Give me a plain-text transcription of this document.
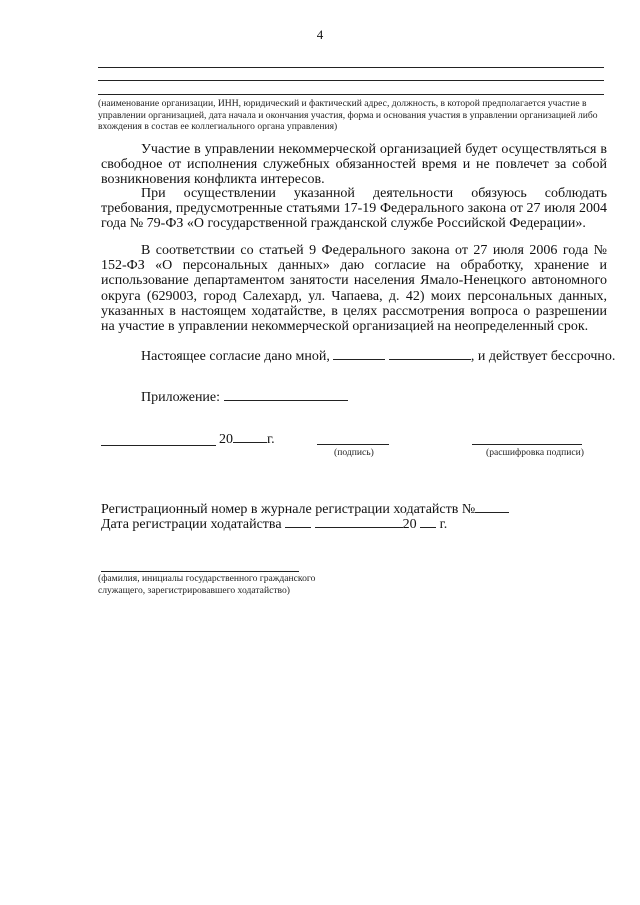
4
(наименование организации, ИНН, юридический и фактический адрес, должность, в которой предполагается участие в управлении организацией, дата начала и окончания участия, форма и основания участия в управлении организацией либо вхождения в состав ее коллегиального органа управления)
Участие в управлении некоммерческой организацией будет осуществляться в свободное от исполнения служебных обязанностей время и не повлечет за собой возникновения конфликта интересов.
При осуществлении указанной деятельности обязуюсь соблюдать требования, предусмотренные статьями 17-19 Федерального закона от 27 июля 2004 года № 79-ФЗ «О государственной гражданской службе Российской Федерации».
В соответствии со статьей 9 Федерального закона от 27 июля 2006 года № 152-ФЗ «О персональных данных» даю согласие на обработку, хранение и использование департаментом занятости населения Ямало-Ненецкого автономного округа (629003, город Салехард, ул. Чапаева, д. 42) моих персональных данных, указанных в настоящем ходатайстве, в целях рассмотрения вопроса о разрешении на участие в управлении некоммерческой организацией на неопределенный срок.
Настоящее согласие дано мной,	, и действует бессрочно.
Приложение:
20 г.
(подпись)	(расшифровка подписи)
Регистрационный номер в журнале регистрации ходатайств №
Дата регистрации ходатайства	20 г.
(фамилия, инициалы государственного гражданского служащего, зарегистрировавшего ходатайство)
